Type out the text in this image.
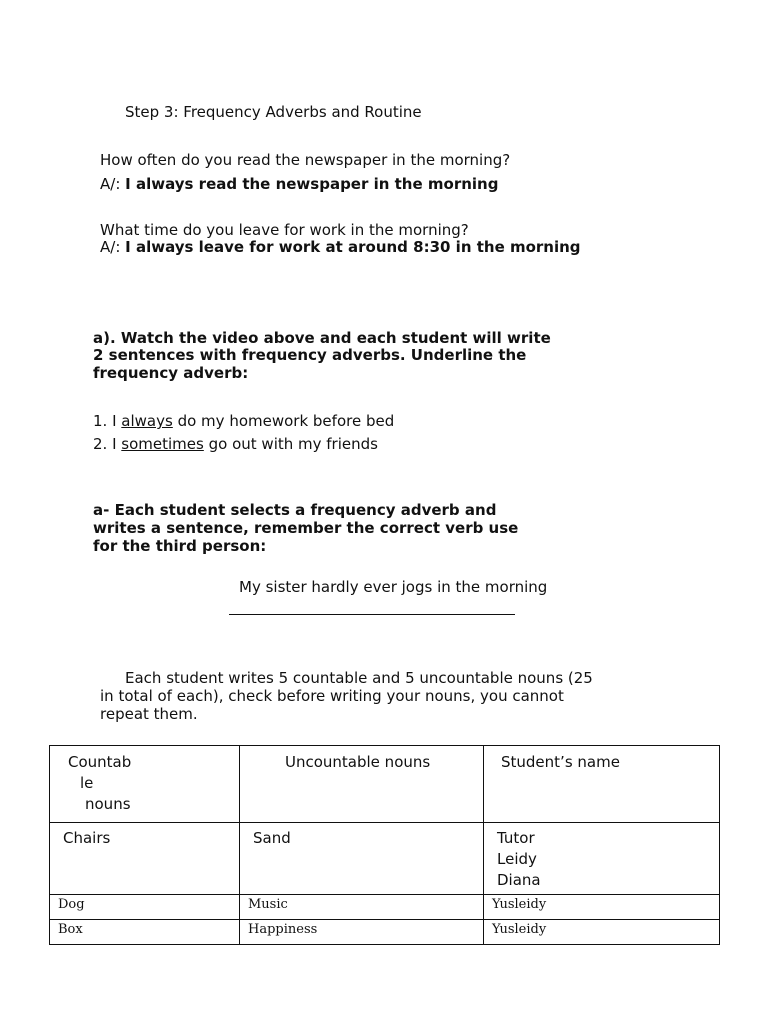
Step 3: Frequency Adverbs and Routine
How often do you read the newspaper in the morning?
A/: I always read the newspaper in the morning
What time do you leave for work in the morning?
A/: I always leave for work at around 8:30 in the morning
a). Watch the video above and each student will write
2 sentences with frequency adverbs. Underline the
frequency adverb:
1. I always do my homework before bed
2. I sometimes go out with my friends
a- Each student selects a frequency adverb and
writes a sentence, remember the correct verb use
for the third person:
My sister hardly ever jogs in the morning
Each student writes 5 countable and 5 uncountable nouns (25
in total of each), check before writing your nouns, you cannot
repeat them.
Countab
le
nouns	Uncountable nouns	Student’s name
Chairs	Sand	Tutor
Leidy
Diana

Dog	Music	Yusleidy
Box	Happiness	Yusleidy
